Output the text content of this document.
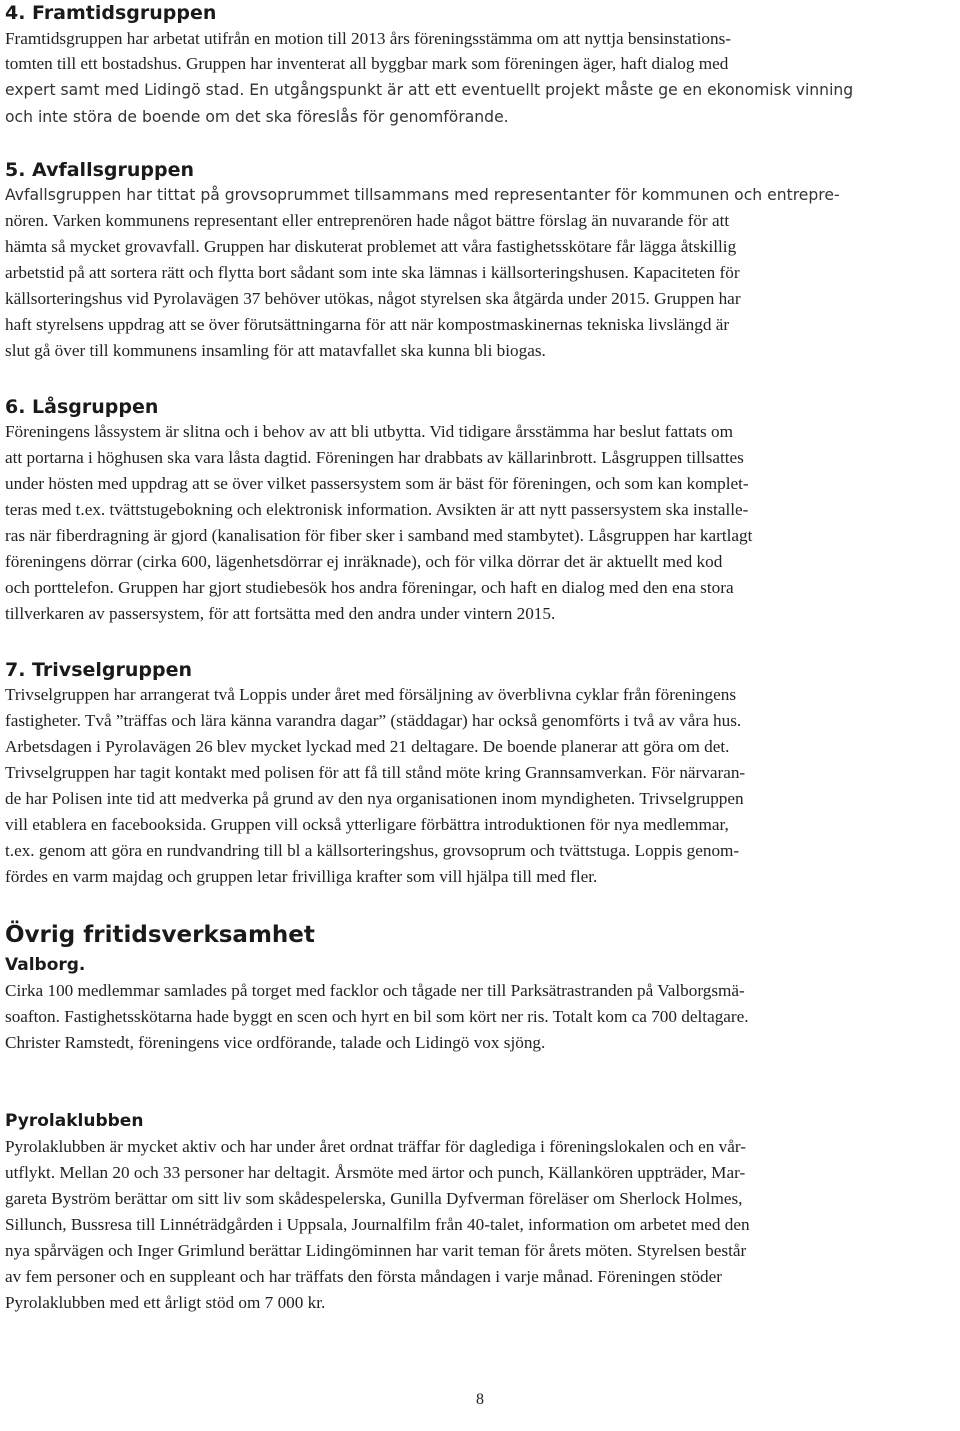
4. Framtidsgruppen
Framtidsgruppen har arbetat utifrån en motion till 2013 års föreningsstämma om att nyttja bensinstations-
tomten till ett bostadshus. Gruppen har inventerat all byggbar mark som föreningen äger, haft dialog med
expert samt med Lidingö stad. En utgångspunkt är att ett eventuellt projekt måste ge en ekonomisk vinning
och inte störa de boende om det ska föreslås för genomförande.
5. Avfallsgruppen
Avfallsgruppen har tittat på grovsoprummet tillsammans med representanter för kommunen och entrepre-
nören. Varken kommunens representant eller entreprenören hade något bättre förslag än nuvarande för att
hämta så mycket grovavfall. Gruppen har diskuterat problemet att våra fastighetsskötare får lägga åtskillig
arbetstid på att sortera rätt och flytta bort sådant som inte ska lämnas i källsorteringshusen. Kapaciteten för
källsorteringshus vid Pyrolavägen 37 behöver utökas, något styrelsen ska åtgärda under 2015. Gruppen har
haft styrelsens uppdrag att se över förutsättningarna för att när kompostmaskinernas tekniska livslängd är
slut gå över till kommunens insamling för att matavfallet ska kunna bli biogas.
6. Låsgruppen
Föreningens låssystem är slitna och i behov av att bli utbytta. Vid tidigare årsstämma har beslut fattats om
att portarna i höghusen ska vara låsta dagtid. Föreningen har drabbats av källarinbrott. Låsgruppen tillsattes
under hösten med uppdrag att se över vilket passersystem som är bäst för föreningen, och som kan komplet-
teras med t.ex. tvättstugebokning och elektronisk information. Avsikten är att nytt passersystem ska installe-
ras när fiberdragning är gjord (kanalisation för fiber sker i samband med stambytet). Låsgruppen har kartlagt
föreningens dörrar (cirka 600, lägenhetsdörrar ej inräknade), och för vilka dörrar det är aktuellt med kod
och porttelefon. Gruppen har gjort studiebesök hos andra föreningar, och haft en dialog med den ena stora
tillverkaren av passersystem, för att fortsätta med den andra under vintern 2015.
7. Trivselgruppen
Trivselgruppen har arrangerat två Loppis under året med försäljning av överblivna cyklar från föreningens
fastigheter. Två ”träffas och lära känna varandra dagar” (städdagar) har också genomförts i två av våra hus.
Arbetsdagen i Pyrolavägen 26 blev mycket lyckad med 21 deltagare. De boende planerar att göra om det.
Trivselgruppen har tagit kontakt med polisen för att få till stånd möte kring Grannsamverkan. För närvaran-
de har Polisen inte tid att medverka på grund av den nya organisationen inom myndigheten. Trivselgruppen
vill etablera en facebooksida. Gruppen vill också ytterligare förbättra introduktionen för nya medlemmar,
t.ex. genom att göra en rundvandring till bl a källsorteringshus, grovsoprum och tvättstuga. Loppis genom-
fördes en varm majdag och gruppen letar frivilliga krafter som vill hjälpa till med fler.
Övrig fritidsverksamhet
Valborg.
Cirka 100 medlemmar samlades på torget med facklor och tågade ner till Parksätrastranden på Valborgsmä-
soafton. Fastighetsskötarna hade byggt en scen och hyrt en bil som kört ner ris. Totalt kom ca 700 deltagare.
Christer Ramstedt, föreningens vice ordförande, talade och Lidingö vox sjöng.
Pyrolaklubben
Pyrolaklubben är mycket aktiv och har under året ordnat träffar för daglediga i föreningslokalen och en vår-
utflykt. Mellan 20 och 33 personer har deltagit. Årsmöte med ärtor och punch, Källankören uppträder, Mar-
gareta Byström berättar om sitt liv som skådespelerska, Gunilla Dyfverman föreläser om Sherlock Holmes,
Sillunch, Bussresa till Linnéträdgården i Uppsala, Journalfilm från 40-talet, information om arbetet med den
nya spårvägen och Inger Grimlund berättar Lidingöminnen har varit teman för årets möten. Styrelsen består
av fem personer och en suppleant och har träffats den första måndagen i varje månad. Föreningen stöder
Pyrolaklubben med ett årligt stöd om 7 000 kr.
8
